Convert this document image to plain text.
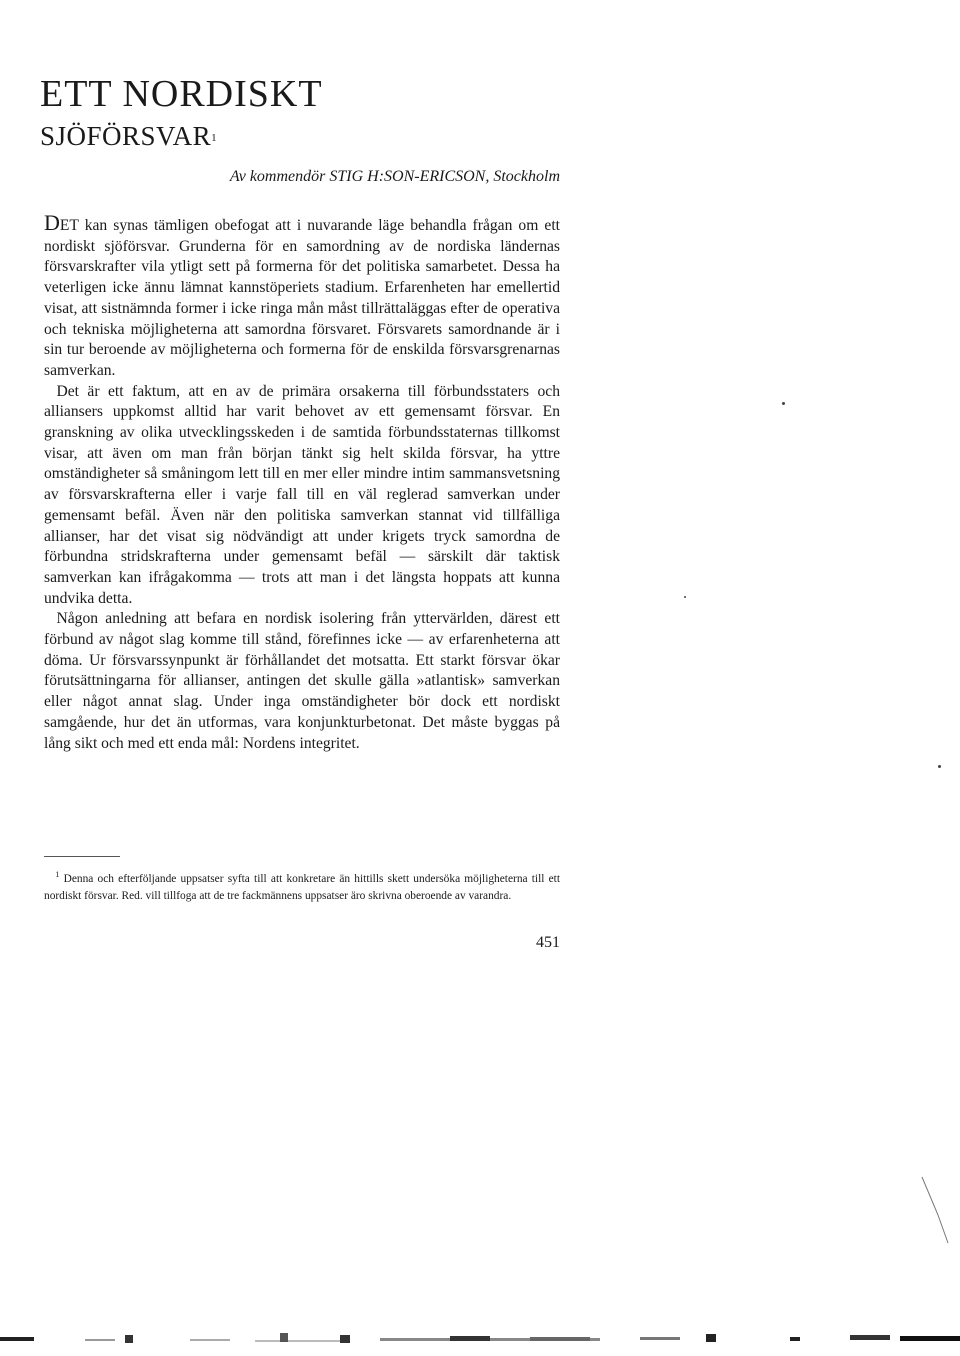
ETT NORDISKT
SJÖFÖRSVAR$^1$

Av kommendör STIG H:SON-ERICSON, Stockholm

DET kan synas tämligen obefogat att i nuvarande läge behandla frågan om ett nordiskt sjöförsvar. Grunderna för en samordning av de nordiska ländernas försvarskrafter vila ytligt sett på formerna för det politiska samarbetet. Dessa ha veterligen icke ännu lämnat kannstöperiets stadium. Erfarenheten har emellertid visat, att sistnämnda former i icke ringa mån måst tillrättaläggas efter de operativa och tekniska möjligheterna att samordna försvaret. Försvarets samordnande är i sin tur beroende av möjligheterna och formerna för de enskilda försvarsgrenarnas samverkan.

Det är ett faktum, att en av de primära orsakerna till förbundsstaters och alliansers uppkomst alltid har varit behovet av ett gemensamt försvar. En granskning av olika utvecklingsskeden i de samtida förbundsstaternas tillkomst visar, att även om man från början tänkt sig helt skilda försvar, ha yttre omständigheter så småningom lett till en mer eller mindre intim sammansvetsning av försvarskrafterna eller i varje fall till en väl reglerad samverkan under gemensamt befäl. Även när den politiska samverkan stannat vid tillfälliga allianser, har det visat sig nödvändigt att under krigets tryck samordna de förbundna stridskrafterna under gemensamt befäl — särskilt där taktisk samverkan kan ifrågakomma — trots att man i det längsta hoppats att kunna undvika detta.

Någon anledning att befara en nordisk isolering från yttervärlden, därest ett förbund av något slag komme till stånd, förefinnes icke — av erfarenheterna att döma. Ur försvarssynpunkt är förhållandet det motsatta. Ett starkt försvar ökar förutsättningarna för allianser, antingen det skulle gälla »atlantisk» samverkan eller något annat slag. Under inga omständigheter bör dock ett nordiskt samgående, hur det än utformas, vara konjunkturbetonat. Det måste byggas på lång sikt och med ett enda mål: Nordens integritet.

$^1$ Denna och efterföljande uppsatser syfta till att konkretare än hittills skett undersöka möjligheterna till ett nordiskt försvar. Red. vill tillfoga att de tre fackmännens uppsatser äro skrivna oberoende av varandra.

451
